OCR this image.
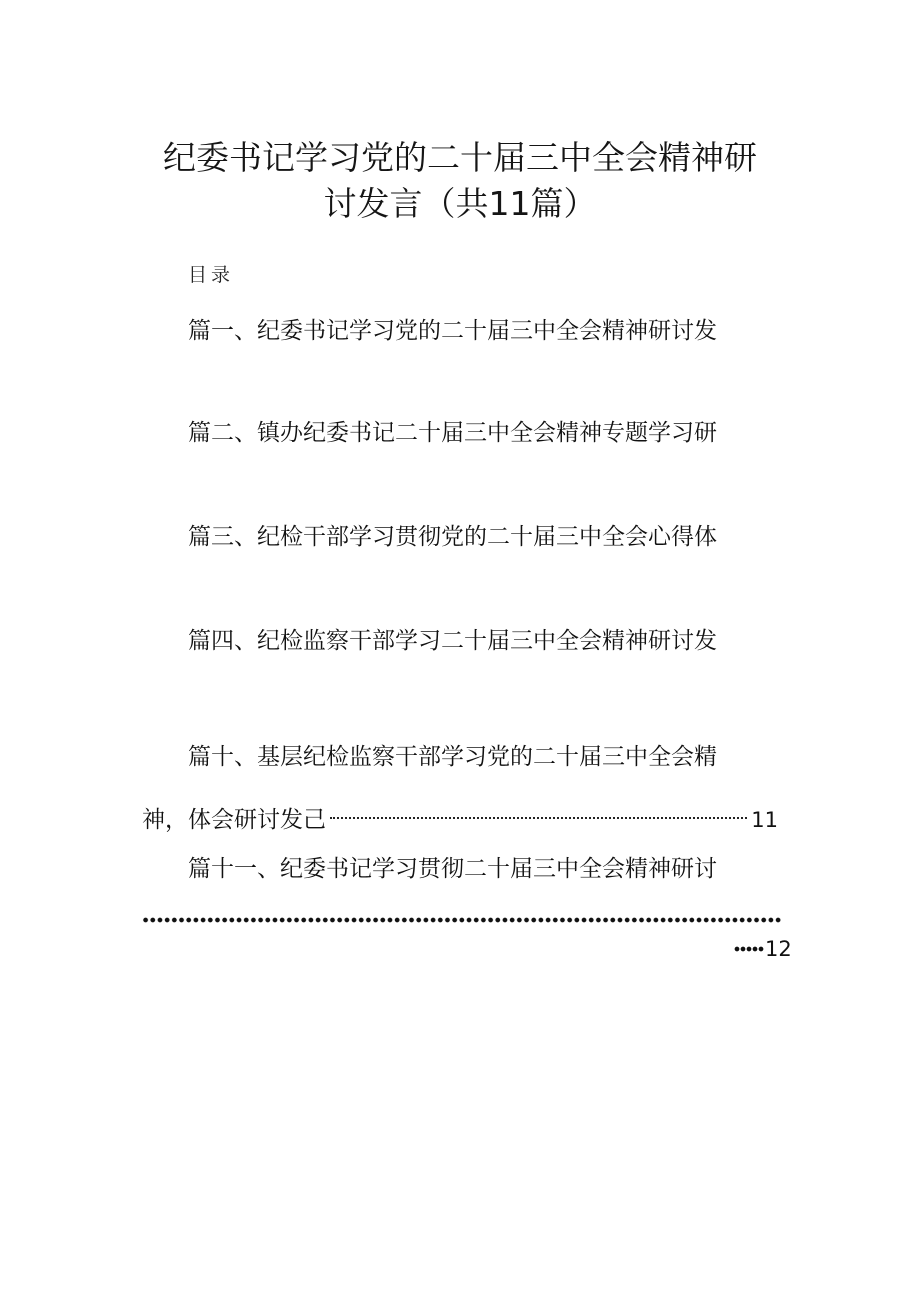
纪委书记学习党的二十届三中全会精神研
讨发言（共11篇）
目录
篇一、纪委书记学习党的二十届三中全会精神研讨发
篇二、镇办纪委书记二十届三中全会精神专题学习研
篇三、纪检干部学习贯彻党的二十届三中全会心得体
篇四、纪检监察干部学习二十届三中全会精神研讨发
篇十、基层纪检监察干部学习党的二十届三中全会精
神，体会研讨发己	11
篇十一、纪委书记学习贯彻二十届三中全会精神研讨
12
